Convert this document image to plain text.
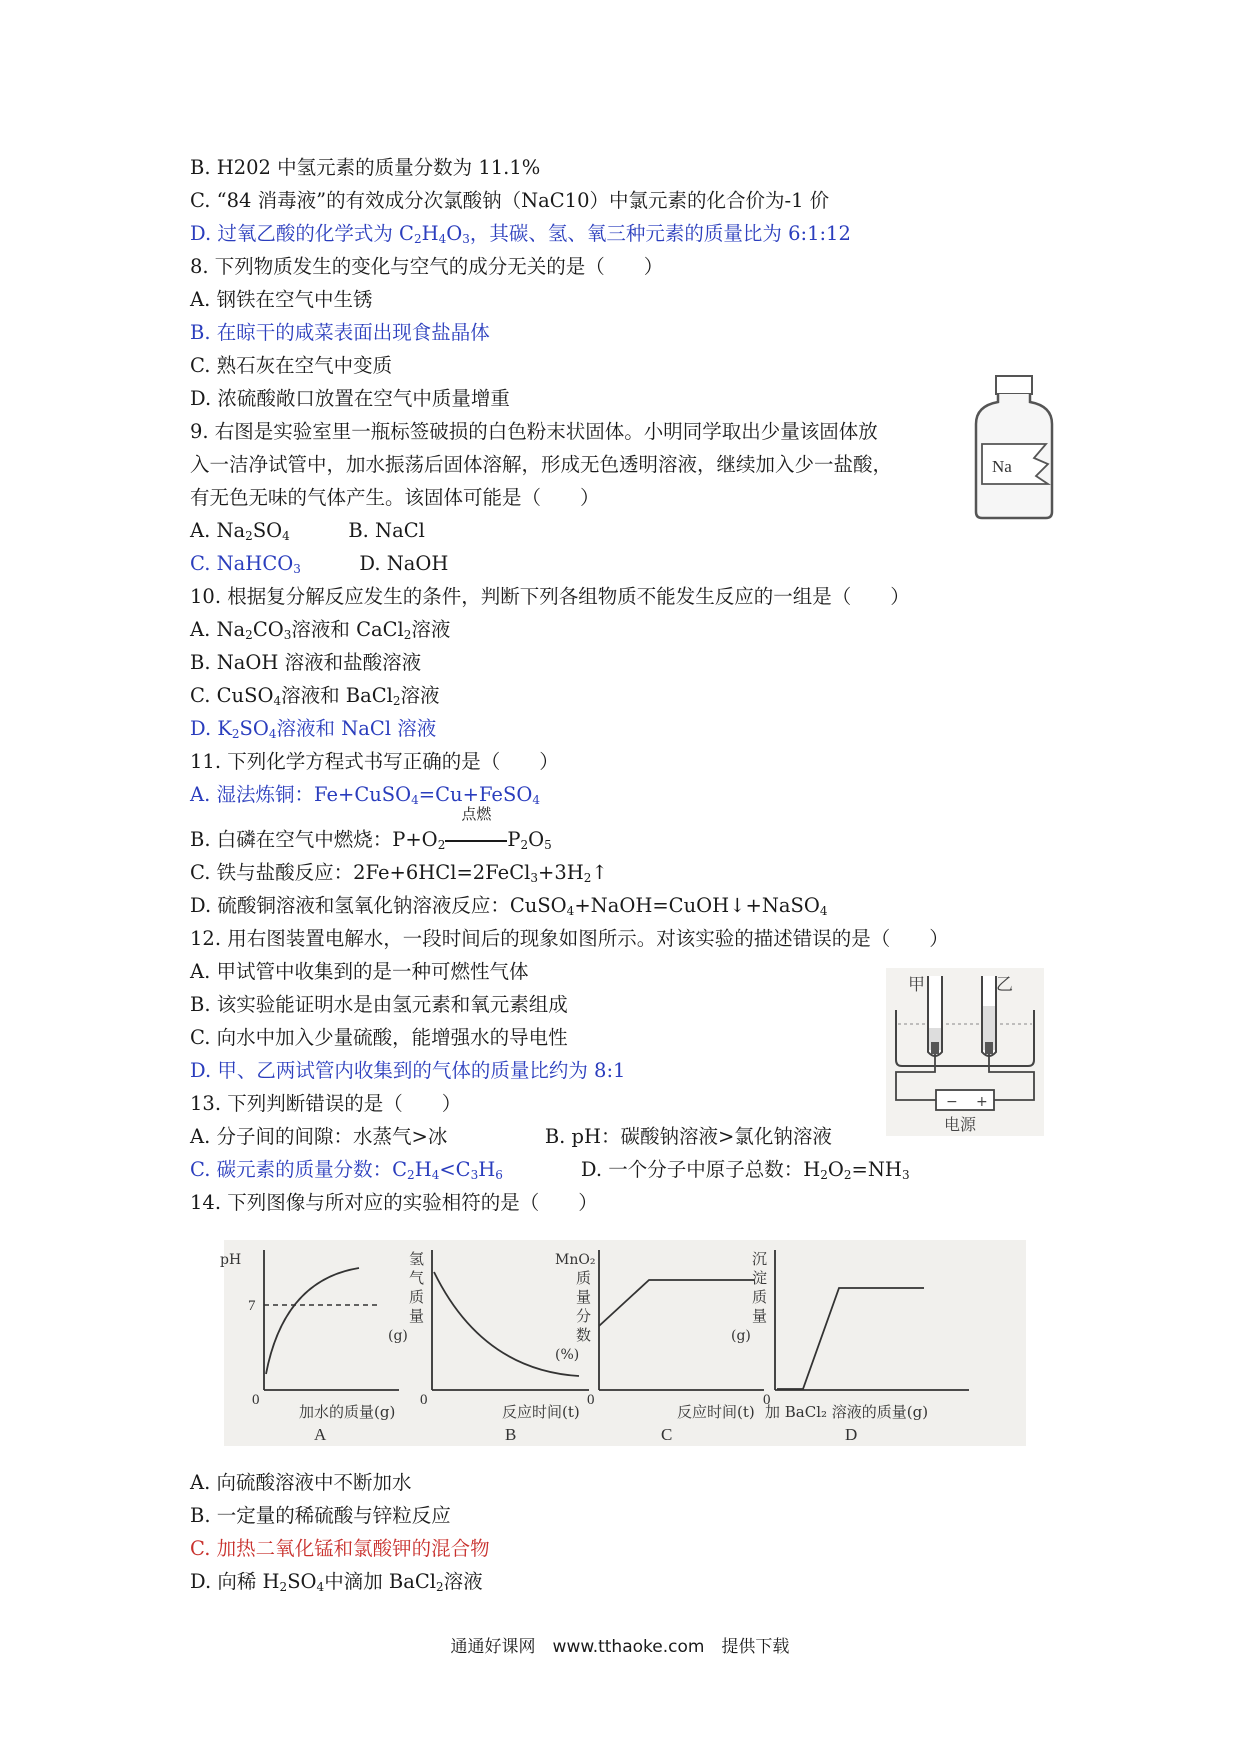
B. H202 中氢元素的质量分数为 11.1%
C. “84 消毒液”的有效成分次氯酸钠（NaC10）中氯元素的化合价为-1 价
D. 过氧乙酸的化学式为 $C_2H_4O_3$，其碳、氢、氧三种元素的质量比为 6:1:12
8. 下列物质发生的变化与空气的成分无关的是（　　）
A. 钢铁在空气中生锈
B. 在晾干的咸菜表面出现食盐晶体
C. 熟石灰在空气中变质
D. 浓硫酸敞口放置在空气中质量增重
9. 右图是实验室里一瓶标签破损的白色粉末状固体。小明同学取出少量该固体放
入一洁净试管中，加水振荡后固体溶解，形成无色透明溶液，继续加入少一盐酸，
有无色无味的气体产生。该固体可能是（　　）
A. $Na_2SO_4$　　　B. NaCl
C. NaHCO$_3$　　　D. NaOH
10. 根据复分解反应发生的条件，判断下列各组物质不能发生反应的一组是（　　）
A. $Na_2CO_3$溶液和 CaCl$_2$溶液
B. NaOH 溶液和盐酸溶液
C. CuSO$_4$溶液和 BaCl$_2$溶液
D. $K_2SO_4$溶液和 NaCl 溶液
11. 下列化学方程式书写正确的是（　　）
A. 湿法炼铜：Fe+CuSO$_4$=Cu+FeSO$_4$
B. 白磷在空气中燃烧：$P+O_2$
点燃
$P_2O_5$
C. 铁与盐酸反应：$2Fe+6HCl=2FeCl_3+3H_2↑$
D. 硫酸铜溶液和氢氧化钠溶液反应：CuSO$_4$+NaOH=CuOH↓+NaSO$_4$
12. 用右图装置电解水，一段时间后的现象如图所示。对该实验的描述错误的是（　　）
A. 甲试管中收集到的是一种可燃性气体
B. 该实验能证明水是由氢元素和氧元素组成
C. 向水中加入少量硫酸，能增强水的导电性
D. 甲、乙两试管内收集到的气体的质量比约为 8:1
13. 下列判断错误的是（　　）
A. 分子间的间隙：水蒸气>冰　　　　　B. pH：碳酸钠溶液>氯化钠溶液
C. 碳元素的质量分数：$C_2H_4<C_3H_6$　　　　D. 一个分子中原子总数：$H_2O_2=NH_3$
14. 下列图像与所对应的实验相符的是（　　）
A. 向硫酸溶液中不断加水
B. 一定量的稀硫酸与锌粒反应
C. 加热二氧化锰和氯酸钾的混合物
D. 向稀 $H_2SO_4$中滴加 BaCl$_2$溶液
Na
甲	乙
− +
电源
0
加水的质量(g)
A
pH
7
0
反应时间(t)
B
氢
气
质
量
(g)
0
反应时间(t)
C
MnO₂
质
量
分
数
(%)
0
加 BaCl₂ 溶液的质量(g)
D
沉
淀
质
量
(g)
通通好课网　www.tthaoke.com　提供下载
